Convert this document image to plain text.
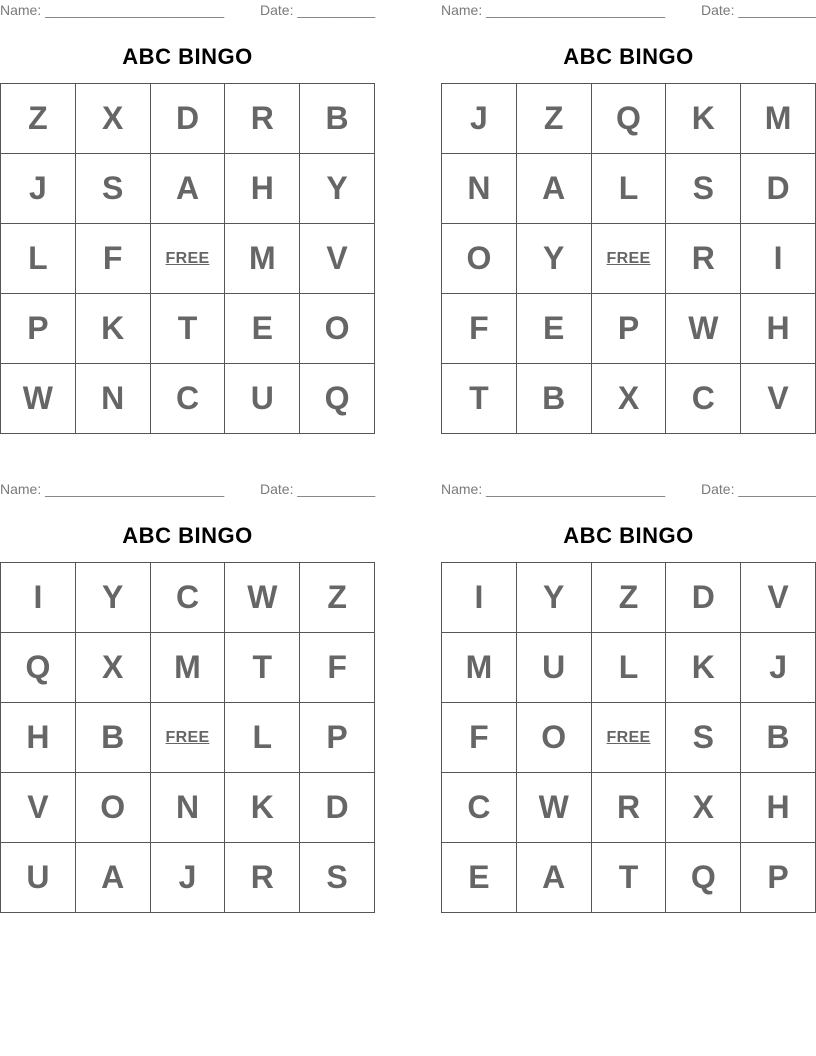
Name: _______________________	Date: __________
ABC BINGO
Z	X	D	R	B
J	S	A	H	Y
L	F	FREE	M	V
P	K	T	E	O
W	N	C	U	Q
Name: _______________________	Date: __________
ABC BINGO
J	Z	Q	K	M
N	A	L	S	D
O	Y	FREE	R	I
F	E	P	W	H
T	B	X	C	V
Name: _______________________	Date: __________
ABC BINGO
I	Y	C	W	Z
Q	X	M	T	F
H	B	FREE	L	P
V	O	N	K	D
U	A	J	R	S
Name: _______________________	Date: __________
ABC BINGO
I	Y	Z	D	V
M	U	L	K	J
F	O	FREE	S	B
C	W	R	X	H
E	A	T	Q	P
